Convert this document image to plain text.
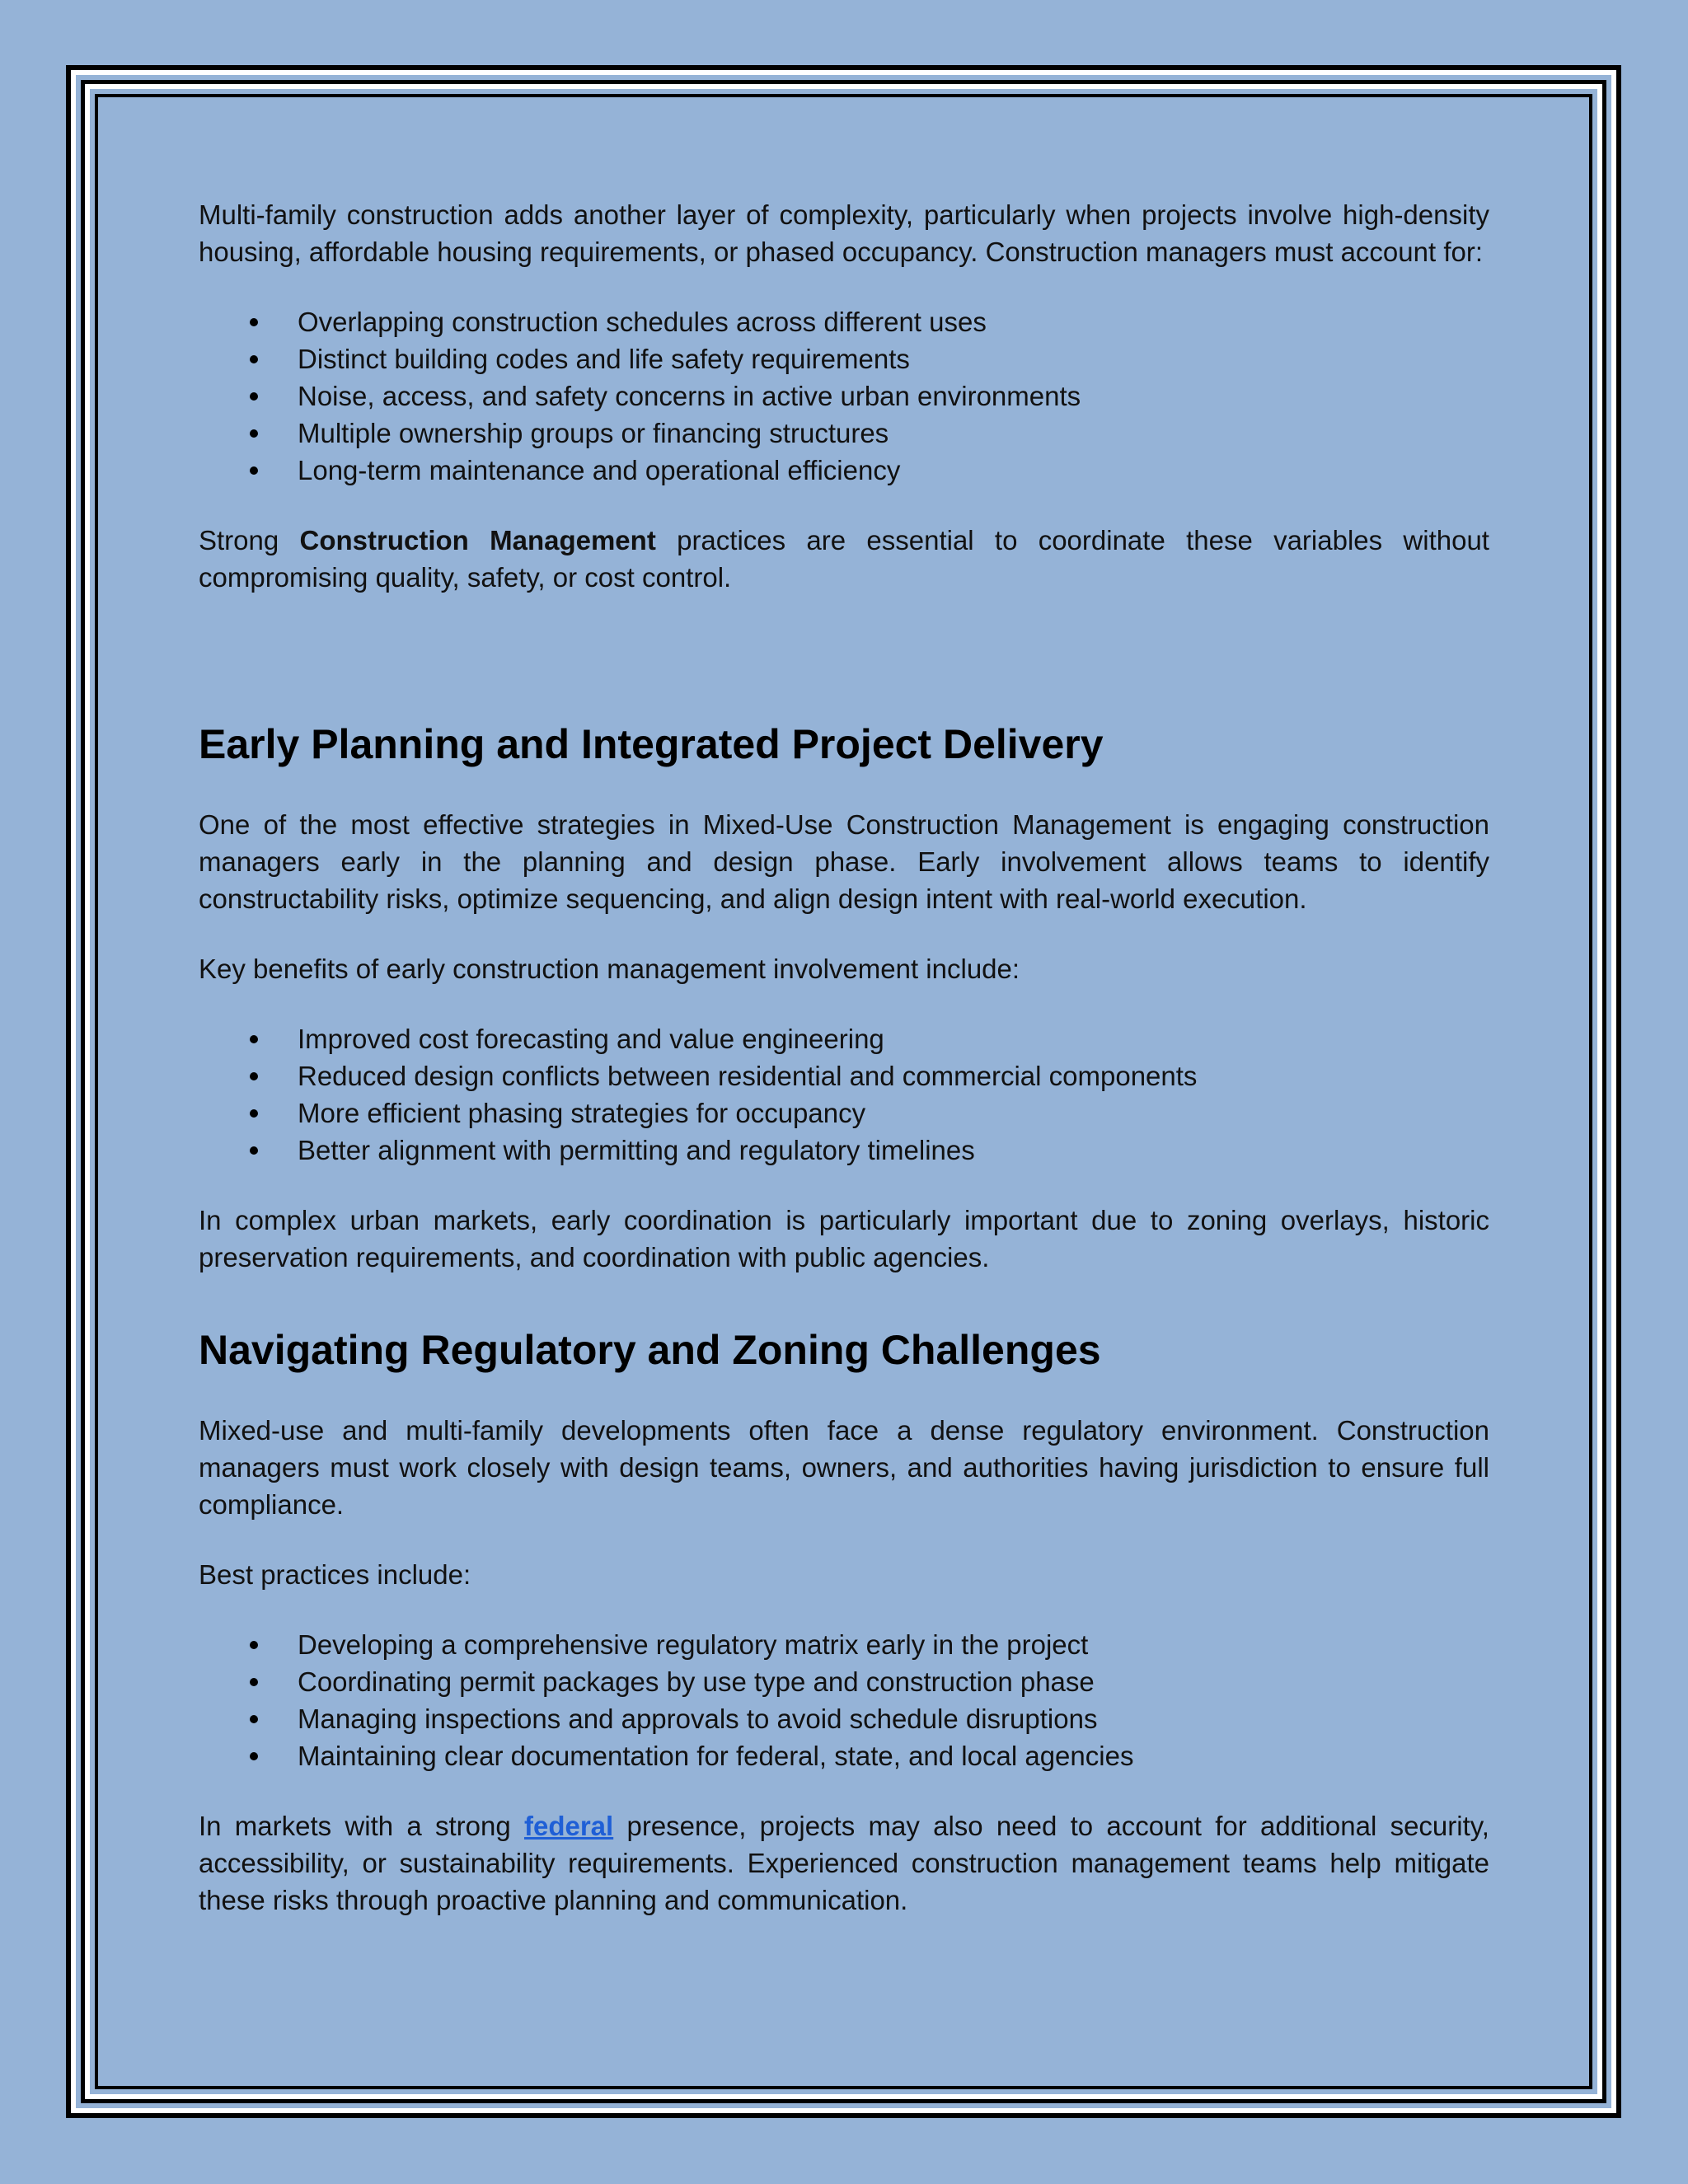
Multi-family construction adds another layer of complexity, particularly when projects involve high-density housing, affordable housing requirements, or phased occupancy. Construction managers must account for:

Overlapping construction schedules across different uses
Distinct building codes and life safety requirements
Noise, access, and safety concerns in active urban environments
Multiple ownership groups or financing structures
Long-term maintenance and operational efficiency

Strong Construction Management practices are essential to coordinate these variables without compromising quality, safety, or cost control.

Early Planning and Integrated Project Delivery

One of the most effective strategies in Mixed-Use Construction Management is engaging construction managers early in the planning and design phase. Early involvement allows teams to identify constructability risks, optimize sequencing, and align design intent with real-world execution.

Key benefits of early construction management involvement include:

Improved cost forecasting and value engineering
Reduced design conflicts between residential and commercial components
More efficient phasing strategies for occupancy
Better alignment with permitting and regulatory timelines

In complex urban markets, early coordination is particularly important due to zoning overlays, historic preservation requirements, and coordination with public agencies.

Navigating Regulatory and Zoning Challenges

Mixed-use and multi-family developments often face a dense regulatory environment. Construction managers must work closely with design teams, owners, and authorities having jurisdiction to ensure full compliance.

Best practices include:

Developing a comprehensive regulatory matrix early in the project
Coordinating permit packages by use type and construction phase
Managing inspections and approvals to avoid schedule disruptions
Maintaining clear documentation for federal, state, and local agencies

In markets with a strong federal presence, projects may also need to account for additional security, accessibility, or sustainability requirements. Experienced construction management teams help mitigate these risks through proactive planning and communication.
